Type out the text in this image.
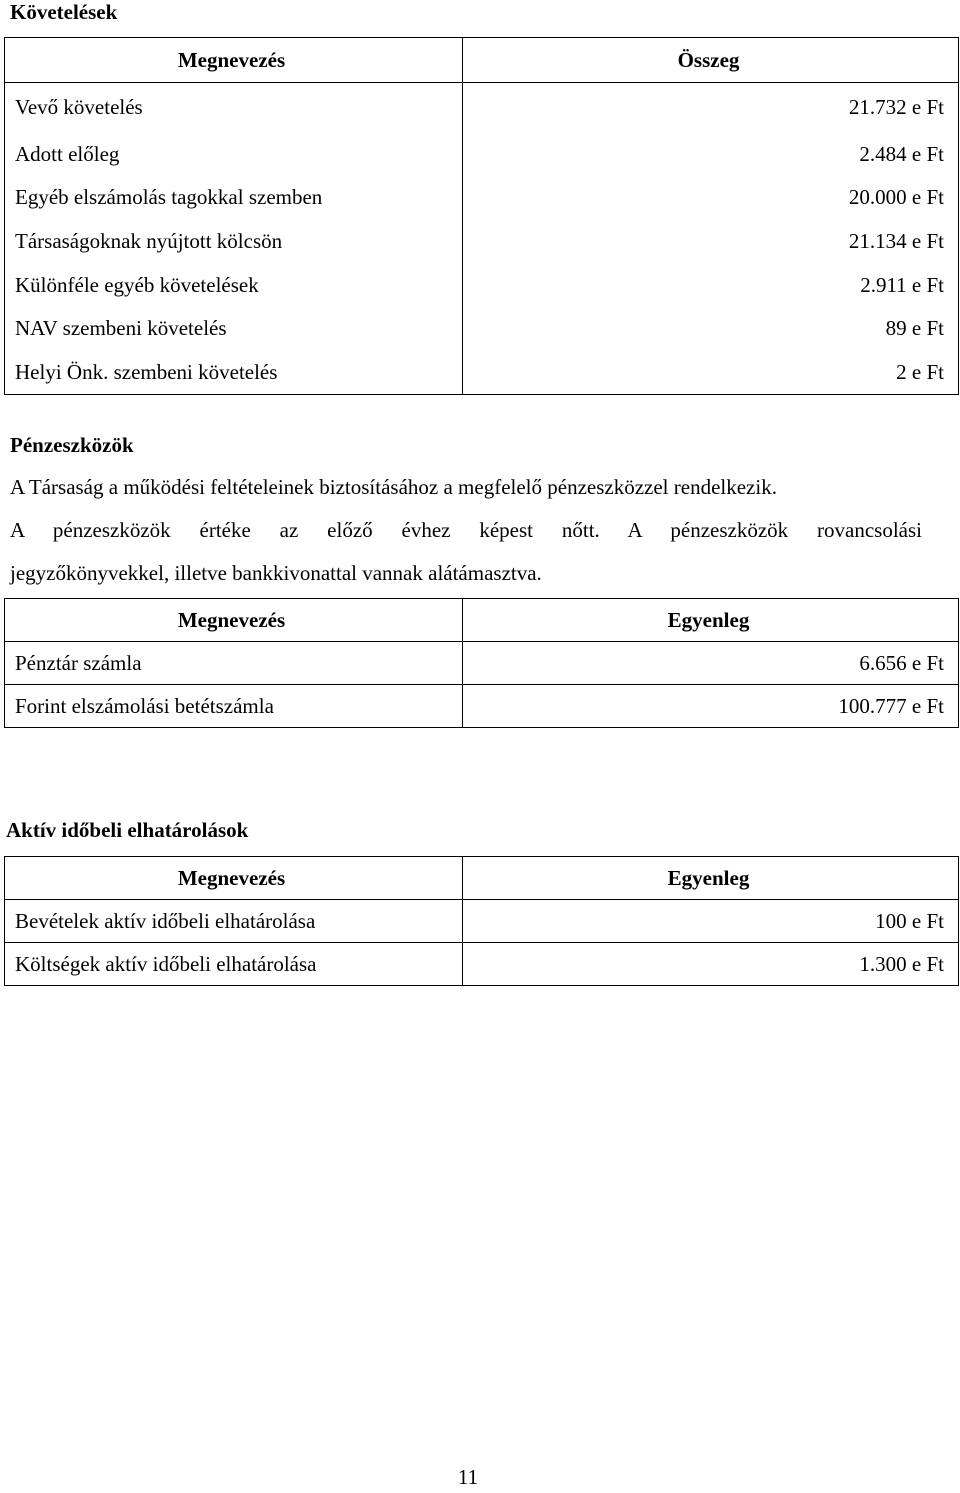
Követelések
Megnevezés	Összeg
Vevő követelés	21.732 e Ft
Adott előleg	2.484 e Ft
Egyéb elszámolás tagokkal szemben	20.000 e Ft
Társaságoknak nyújtott kölcsön	21.134 e Ft
Különféle egyéb követelések	2.911 e Ft
NAV szembeni követelés	89 e Ft
Helyi Önk. szembeni követelés	2 e Ft
Pénzeszközök
A Társaság a működési feltételeinek biztosításához a megfelelő pénzeszközzel rendelkezik.
A pénzeszközök értéke az előző évhez képest nőtt. A pénzeszközök rovancsolási
jegyzőkönyvekkel, illetve bankkivonattal vannak alátámasztva.
Megnevezés	Egyenleg
Pénztár számla	6.656 e Ft
Forint elszámolási betétszámla	100.777 e Ft
Aktív időbeli elhatárolások
Megnevezés	Egyenleg
Bevételek aktív időbeli elhatárolása	100 e Ft
Költségek aktív időbeli elhatárolása	1.300 e Ft
11
